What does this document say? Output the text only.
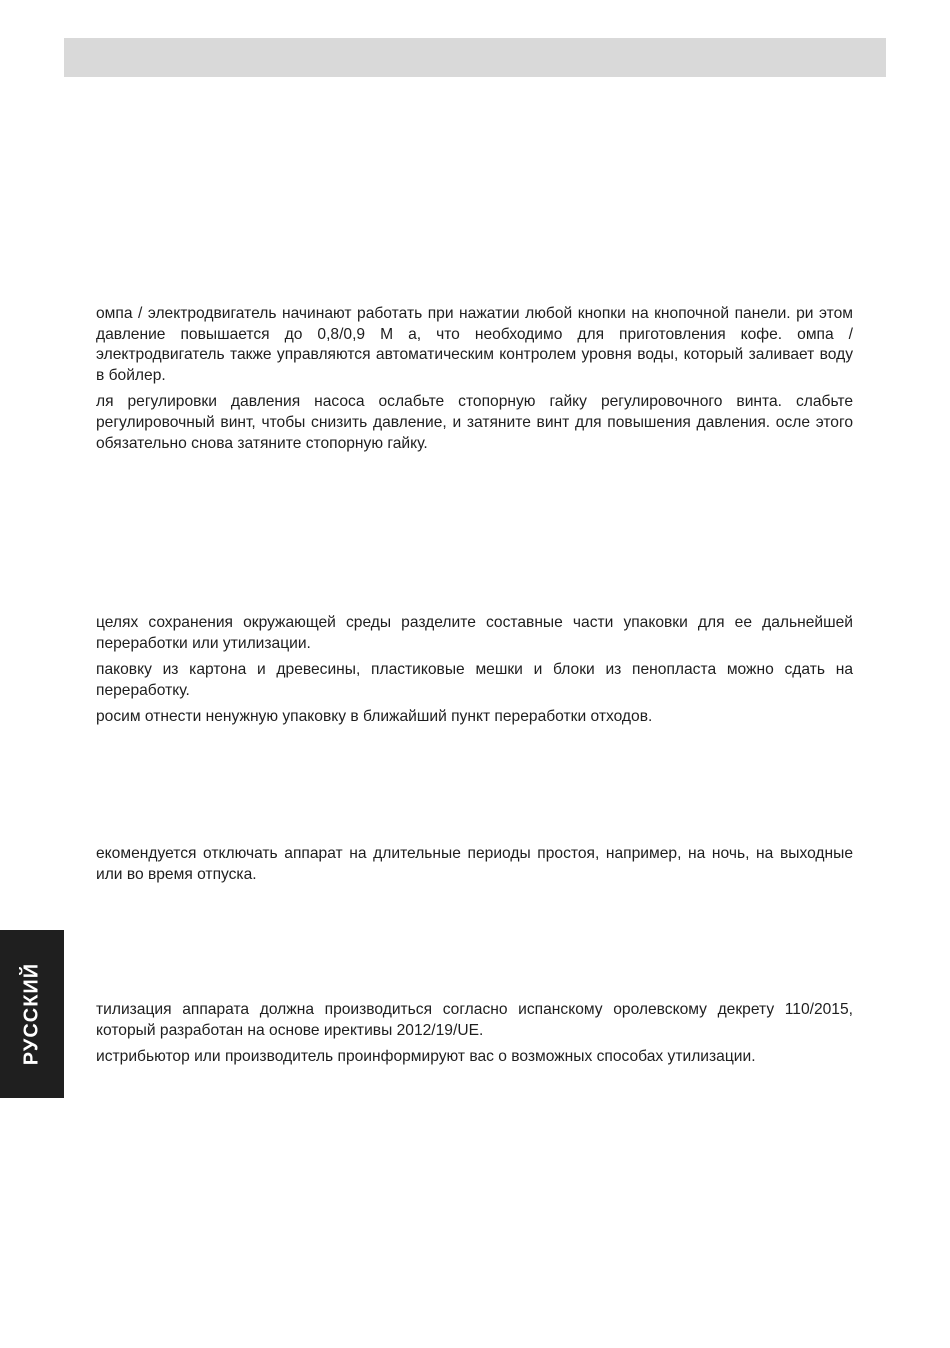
РУССКИЙ

омпа / электродвигатель начинают работать при нажатии любой кнопки на кнопочной панели. ри этом давление повышается до 0,8/0,9 М а, что необходимо для приготовления кофе. омпа / электродвигатель также управляются автоматическим контролем уровня воды, который заливает воду в бойлер.

ля регулировки давления насоса ослабьте стопорную гайку регулировочного винта. слабьте регулировочный винт, чтобы снизить давление, и затяните винт для повышения давления. осле этого обязательно снова затяните стопорную гайку.

целях сохранения окружающей среды разделите составные части упаковки для ее дальнейшей переработки или утилизации.

паковку из картона и древесины, пластиковые мешки и блоки из пенопласта можно сдать на переработку.

росим отнести ненужную упаковку в ближайший пункт переработки отходов.

екомендуется отключать аппарат на длительные периоды простоя, например, на ночь, на выходные или во время отпуска.

тилизация аппарата должна производиться согласно испанскому оролевскому декрету 110/2015, который разработан на основе ирективы 2012/19/UE.

истрибьютор или производитель проинформируют вас о возможных способах утилизации.
